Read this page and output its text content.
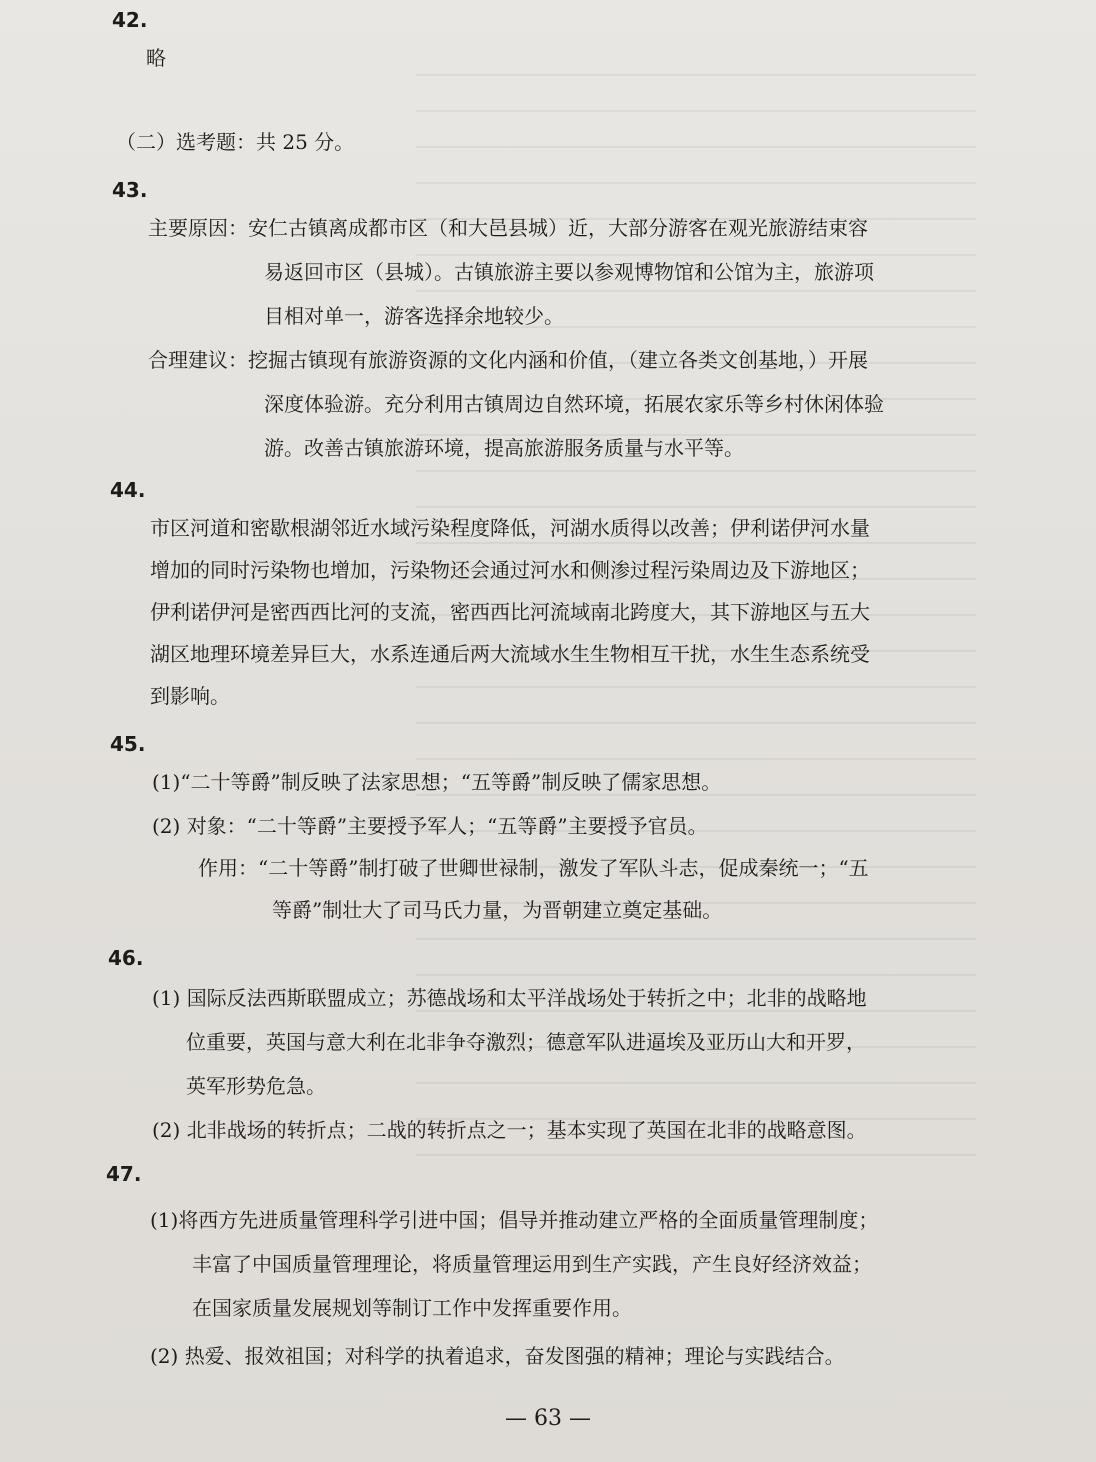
42.
略
（二）选考题：共 25 分。
43.
主要原因：安仁古镇离成都市区（和大邑县城）近，大部分游客在观光旅游结束容
易返回市区（县城）。古镇旅游主要以参观博物馆和公馆为主，旅游项
目相对单一，游客选择余地较少。
合理建议：挖掘古镇现有旅游资源的文化内涵和价值，（建立各类文创基地，）开展
深度体验游。充分利用古镇周边自然环境，拓展农家乐等乡村休闲体验
游。改善古镇旅游环境，提高旅游服务质量与水平等。
44.
市区河道和密歇根湖邻近水域污染程度降低，河湖水质得以改善；伊利诺伊河水量
增加的同时污染物也增加，污染物还会通过河水和侧渗过程污染周边及下游地区；
伊利诺伊河是密西西比河的支流，密西西比河流域南北跨度大，其下游地区与五大
湖区地理环境差异巨大，水系连通后两大流域水生生物相互干扰，水生生态系统受
到影响。
45.
(1)“二十等爵”制反映了法家思想；“五等爵”制反映了儒家思想。
(2) 对象：“二十等爵”主要授予军人；“五等爵”主要授予官员。
作用：“二十等爵”制打破了世卿世禄制，激发了军队斗志，促成秦统一；“五
等爵”制壮大了司马氏力量，为晋朝建立奠定基础。
46.
(1) 国际反法西斯联盟成立；苏德战场和太平洋战场处于转折之中；北非的战略地
位重要，英国与意大利在北非争夺激烈；德意军队进逼埃及亚历山大和开罗，
英军形势危急。
(2) 北非战场的转折点；二战的转折点之一；基本实现了英国在北非的战略意图。
47.
(1)将西方先进质量管理科学引进中国；倡导并推动建立严格的全面质量管理制度；
丰富了中国质量管理理论，将质量管理运用到生产实践，产生良好经济效益；
在国家质量发展规划等制订工作中发挥重要作用。
(2) 热爱、报效祖国；对科学的执着追求，奋发图强的精神；理论与实践结合。
— 63 —
